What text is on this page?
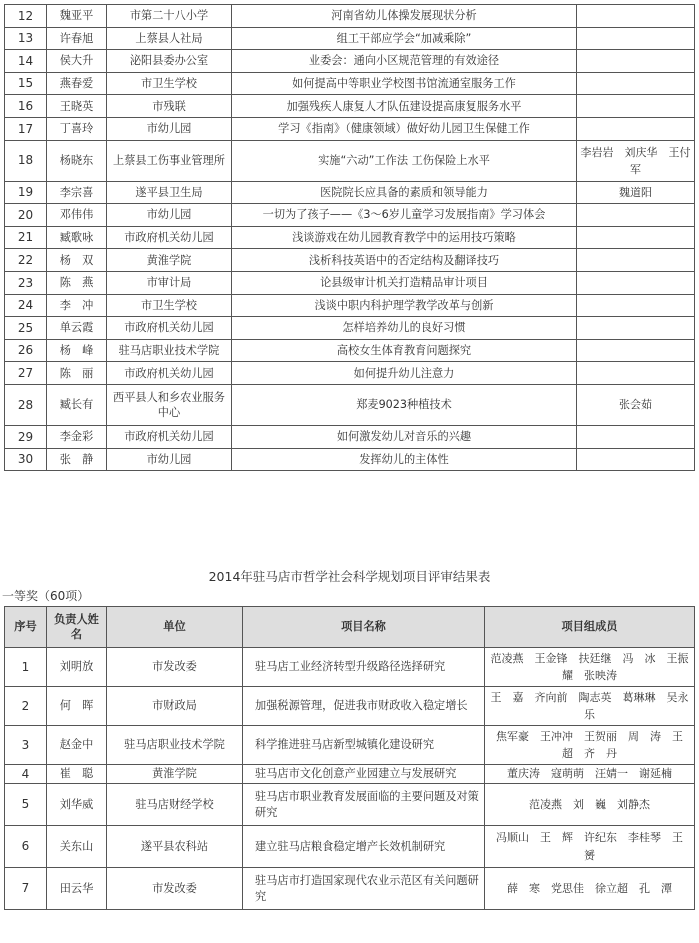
12	魏亚平	市第二十八小学	河南省幼儿体操发展现状分析	
13	许春旭	上蔡县人社局	组工干部应学会“加减乘除”	
14	侯大升	泌阳县委办公室	业委会：通向小区规范管理的有效途径	
15	燕春爱	市卫生学校	如何提高中等职业学校图书馆流通室服务工作	
16	王晓英	市残联	加强残疾人康复人才队伍建设提高康复服务水平	
17	丁喜玲	市幼儿园	学习《指南》（健康领域）做好幼儿园卫生保健工作	
18	杨晓东	上蔡县工伤事业管理所	实施“六动”工作法 工伤保险上水平	李岩岩　刘庆华　王付军
19	李宗喜	遂平县卫生局	医院院长应具备的素质和领导能力	魏道阳
20	邓伟伟	市幼儿园	一切为了孩子——《3～6岁儿童学习发展指南》学习体会	
21	臧歌咏	市政府机关幼儿园	浅谈游戏在幼儿园教育教学中的运用技巧策略	
22	杨　双	黄淮学院	浅析科技英语中的否定结构及翻译技巧	
23	陈　燕	市审计局	论县级审计机关打造精品审计项目	
24	李　冲	市卫生学校	浅谈中职内科护理学教学改革与创新	
25	单云霞	市政府机关幼儿园	怎样培养幼儿的良好习惯	
26	杨　峰	驻马店职业技术学院	高校女生体育教育问题探究	
27	陈　丽	市政府机关幼儿园	如何提升幼儿注意力	
28	臧长有	西平县人和乡农业服务中心	郑麦9023种植技术	张会茹
29	李金彩	市政府机关幼儿园	如何激发幼儿对音乐的兴趣	
30	张　静	市幼儿园	发挥幼儿的主体性	
2014年驻马店市哲学社会科学规划项目评审结果表
一等奖（60项）
序号	负责人姓名	单位	项目名称	项目组成员
1	刘明放	市发改委	驻马店工业经济转型升级路径选择研究	范凌燕　王金锋　扶廷继　冯　冰　王振耀　张映涛
2	何　晖	市财政局	加强税源管理，促进我市财政收入稳定增长	王　嘉　齐向前　陶志英　葛琳琳　吴永乐
3	赵金中	驻马店职业技术学院	科学推进驻马店新型城镇化建设研究	焦军豪　王冲冲　王贺丽　周　涛　王　超　齐　丹
4	崔　聪	黄淮学院	驻马店市文化创意产业园建立与发展研究	董庆涛　寇萌萌　汪婧一　谢延楠
5	刘华威	驻马店财经学校	驻马店市职业教育发展面临的主要问题及对策研究	范凌燕　刘　巍　刘静杰
6	关东山	遂平县农科站	建立驻马店粮食稳定增产长效机制研究	冯顺山　王　辉　许纪东　李桂琴　王　赟
7	田云华	市发改委	驻马店市打造国家现代农业示范区有关问题研究	薛　寒　党思佳　徐立超　孔　潭
